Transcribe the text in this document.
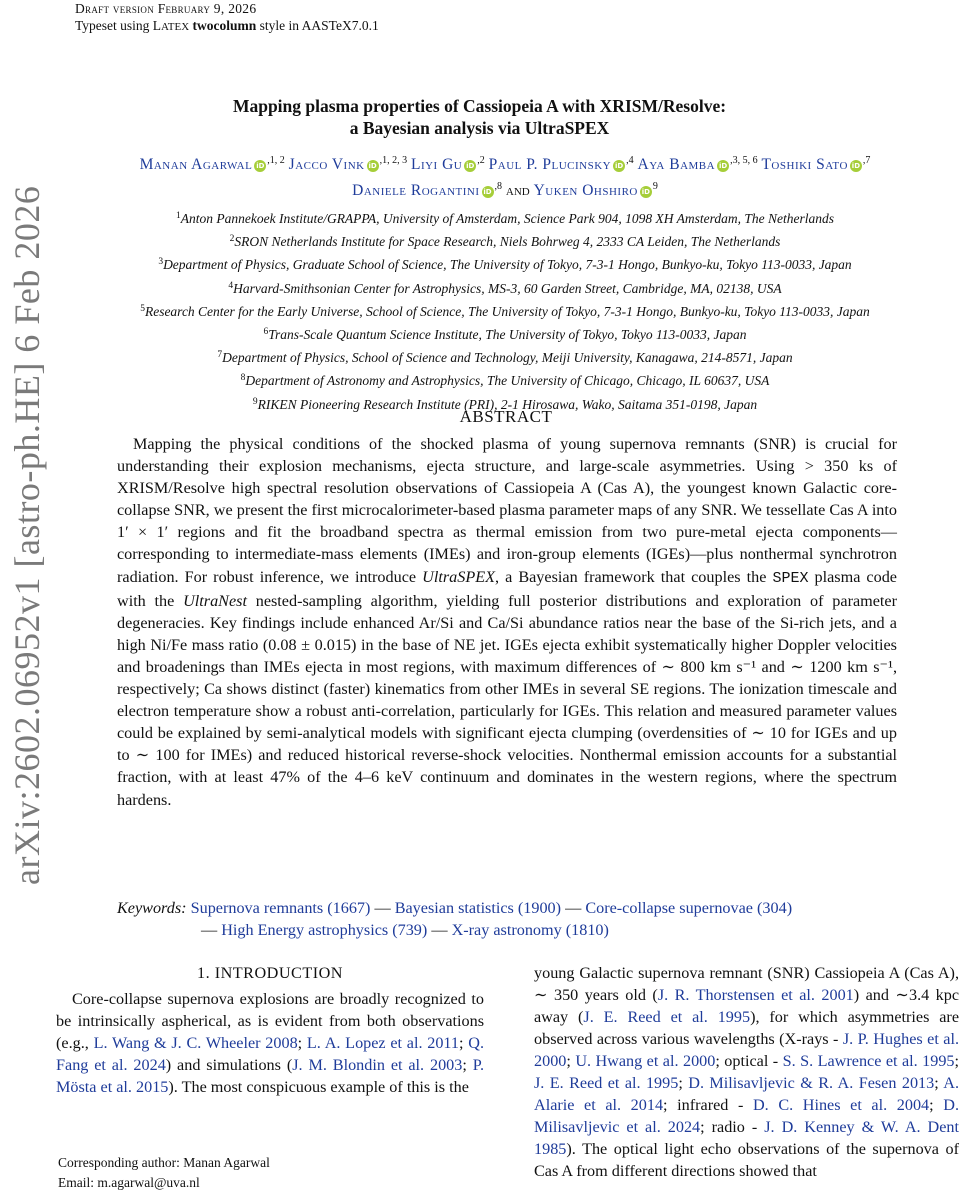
arXiv:2602.06952v1 [astro-ph.HE] 6 Feb 2026
Draft version February 9, 2026
Typeset using LATEX twocolumn style in AASTeX7.0.1
Mapping plasma properties of Cassiopeia A with XRISM/Resolve:
a Bayesian analysis via UltraSPEX
Manan Agarwal iD $^{,1, 2}$ Jacco Vink iD $^{,1, 2, 3}$ Liyi Gu iD $^{,2}$ Paul P. Plucinsky iD $^{,4}$ Aya Bamba iD $^{,3, 5, 6}$ Toshiki Sato iD $^{,7}$
Daniele Rogantini iD $^{,8}$ and Yuken Ohshiro iD $^9$
$^1$Anton Pannekoek Institute/GRAPPA, University of Amsterdam, Science Park 904, 1098 XH Amsterdam, The Netherlands
$^2$SRON Netherlands Institute for Space Research, Niels Bohrweg 4, 2333 CA Leiden, The Netherlands
$^3$Department of Physics, Graduate School of Science, The University of Tokyo, 7-3-1 Hongo, Bunkyo-ku, Tokyo 113-0033, Japan
$^4$Harvard-Smithsonian Center for Astrophysics, MS-3, 60 Garden Street, Cambridge, MA, 02138, USA
$^5$Research Center for the Early Universe, School of Science, The University of Tokyo, 7-3-1 Hongo, Bunkyo-ku, Tokyo 113-0033, Japan
$^6$Trans-Scale Quantum Science Institute, The University of Tokyo, Tokyo 113-0033, Japan
$^7$Department of Physics, School of Science and Technology, Meiji University, Kanagawa, 214-8571, Japan
$^8$Department of Astronomy and Astrophysics, The University of Chicago, Chicago, IL 60637, USA
$^9$RIKEN Pioneering Research Institute (PRI), 2-1 Hirosawa, Wako, Saitama 351-0198, Japan
ABSTRACT

Mapping the physical conditions of the shocked plasma of young supernova remnants (SNR) is crucial for understanding their explosion mechanisms, ejecta structure, and large-scale asymmetries. Using > 350 ks of XRISM/Resolve high spectral resolution observations of Cassiopeia A (Cas A), the youngest known Galactic core-collapse SNR, we present the first microcalorimeter-based plasma parameter maps of any SNR. We tessellate Cas A into 1′ × 1′ regions and fit the broadband spectra as thermal emission from two pure-metal ejecta components—corresponding to intermediate-mass elements (IMEs) and iron-group elements (IGEs)—plus nonthermal synchrotron radiation. For robust inference, we introduce UltraSPEX, a Bayesian framework that couples the SPEX plasma code with the UltraNest nested-sampling algorithm, yielding full posterior distributions and exploration of parameter degeneracies. Key findings include enhanced Ar/Si and Ca/Si abundance ratios near the base of the Si-rich jets, and a high Ni/Fe mass ratio (0.08 ± 0.015) in the base of NE jet. IGEs ejecta exhibit systematically higher Doppler velocities and broadenings than IMEs ejecta in most regions, with maximum differences of ∼ 800 km s⁻¹ and ∼ 1200 km s⁻¹, respectively; Ca shows distinct (faster) kinematics from other IMEs in several SE regions. The ionization timescale and electron temperature show a robust anti-correlation, particularly for IGEs. This relation and measured parameter values could be explained by semi-analytical models with significant ejecta clumping (overdensities of ∼ 10 for IGEs and up to ∼ 100 for IMEs) and reduced historical reverse-shock velocities. Nonthermal emission accounts for a substantial fraction, with at least 47% of the 4–6 keV continuum and dominates in the western regions, where the spectrum hardens.

Keywords: Supernova remnants (1667) — Bayesian statistics (1900) — Core-collapse supernovae (304)
— High Energy astrophysics (739) — X-ray astronomy (1810)
1. INTRODUCTION

Core-collapse supernova explosions are broadly recognized to be intrinsically aspherical, as is evident from both observations (e.g., L. Wang & J. C. Wheeler 2008; L. A. Lopez et al. 2011; Q. Fang et al. 2024) and simulations (J. M. Blondin et al. 2003; P. Mösta et al. 2015). The most conspicuous example of this is the

young Galactic supernova remnant (SNR) Cassiopeia A (Cas A), ∼ 350 years old (J. R. Thorstensen et al. 2001) and ∼3.4 kpc away (J. E. Reed et al. 1995), for which asymmetries are observed across various wavelengths (X-rays - J. P. Hughes et al. 2000; U. Hwang et al. 2000; optical - S. S. Lawrence et al. 1995; J. E. Reed et al. 1995; D. Milisavljevic & R. A. Fesen 2013; A. Alarie et al. 2014; infrared - D. C. Hines et al. 2004; D. Milisavljevic et al. 2024; radio - J. D. Kenney & W. A. Dent 1985). The optical light echo observations of the supernova of Cas A from different directions showed that

Corresponding author: Manan Agarwal
Email: m.agarwal@uva.nl
